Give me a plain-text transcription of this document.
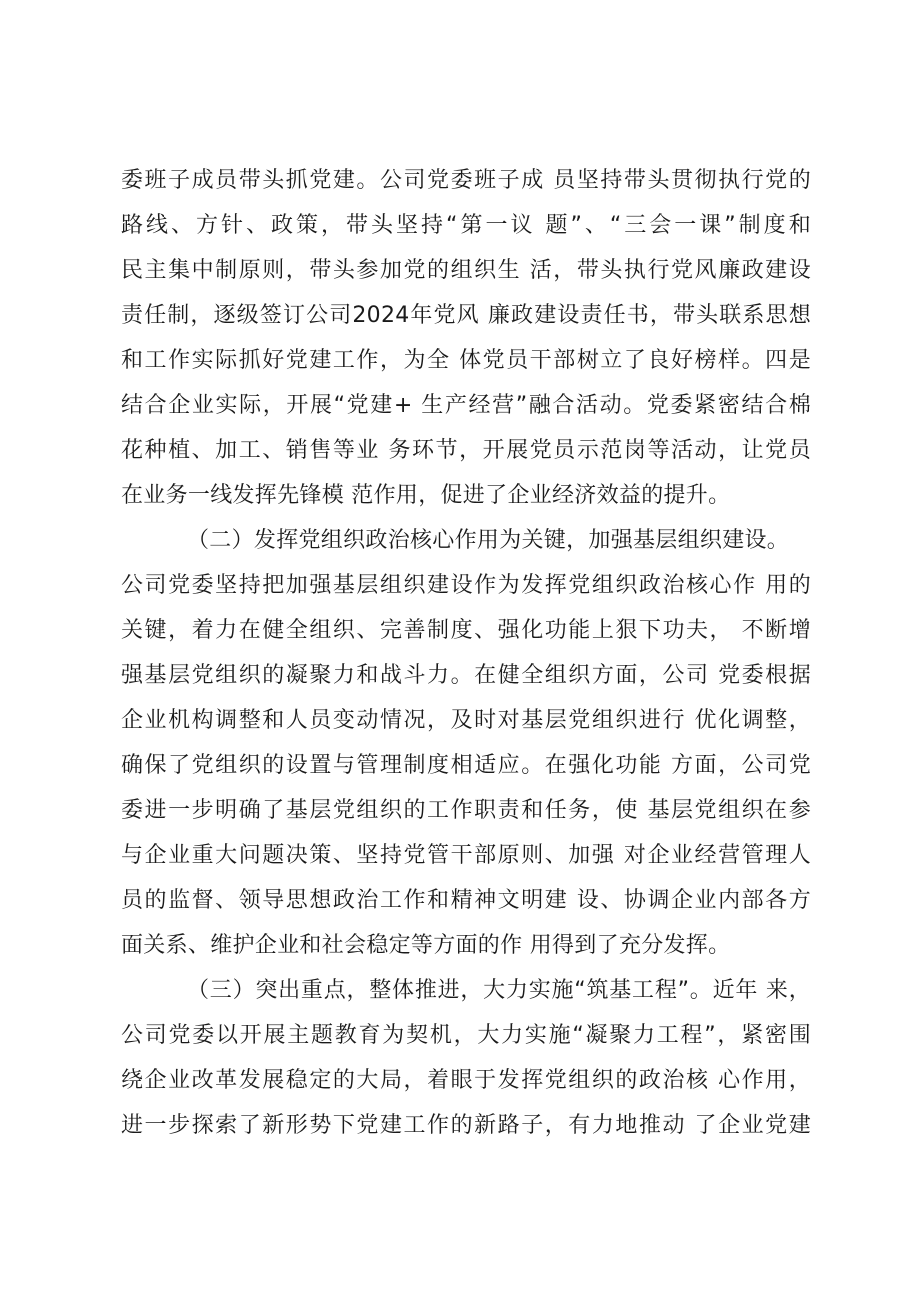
委班子成员带头抓党建。公司党委班子成 员坚持带头贯彻执行党的
路线、方针、政策，带头坚持“第一议 题”、“三会一课”制度和
民主集中制原则，带头参加党的组织生 活，带头执行党风廉政建设
责任制，逐级签订公司2024年党风 廉政建设责任书，带头联系思想
和工作实际抓好党建工作，为全 体党员干部树立了良好榜样。四是
结合企业实际，开展“党建+ 生产经营”融合活动。党委紧密结合棉
花种植、加工、销售等业 务环节，开展党员示范岗等活动，让党员
在业务一线发挥先锋模 范作用，促进了企业经济效益的提升。
（二）发挥党组织政治核心作用为关键，加强基层组织建设。
公司党委坚持把加强基层组织建设作为发挥党组织政治核心作 用的
关键，着力在健全组织、完善制度、强化功能上狠下功夫， 不断增
强基层党组织的凝聚力和战斗力。在健全组织方面，公司 党委根据
企业机构调整和人员变动情况，及时对基层党组织进行 优化调整，
确保了党组织的设置与管理制度相适应。在强化功能 方面，公司党
委进一步明确了基层党组织的工作职责和任务，使 基层党组织在参
与企业重大问题决策、坚持党管干部原则、加强 对企业经营管理人
员的监督、领导思想政治工作和精神文明建 设、协调企业内部各方
面关系、维护企业和社会稳定等方面的作 用得到了充分发挥。
（三）突出重点，整体推进，大力实施“筑基工程”。近年 来，
公司党委以开展主题教育为契机，大力实施“凝聚力工程”，紧密围
绕企业改革发展稳定的大局，着眼于发挥党组织的政治核 心作用，
进一步探索了新形势下党建工作的新路子，有力地推动 了企业党建
